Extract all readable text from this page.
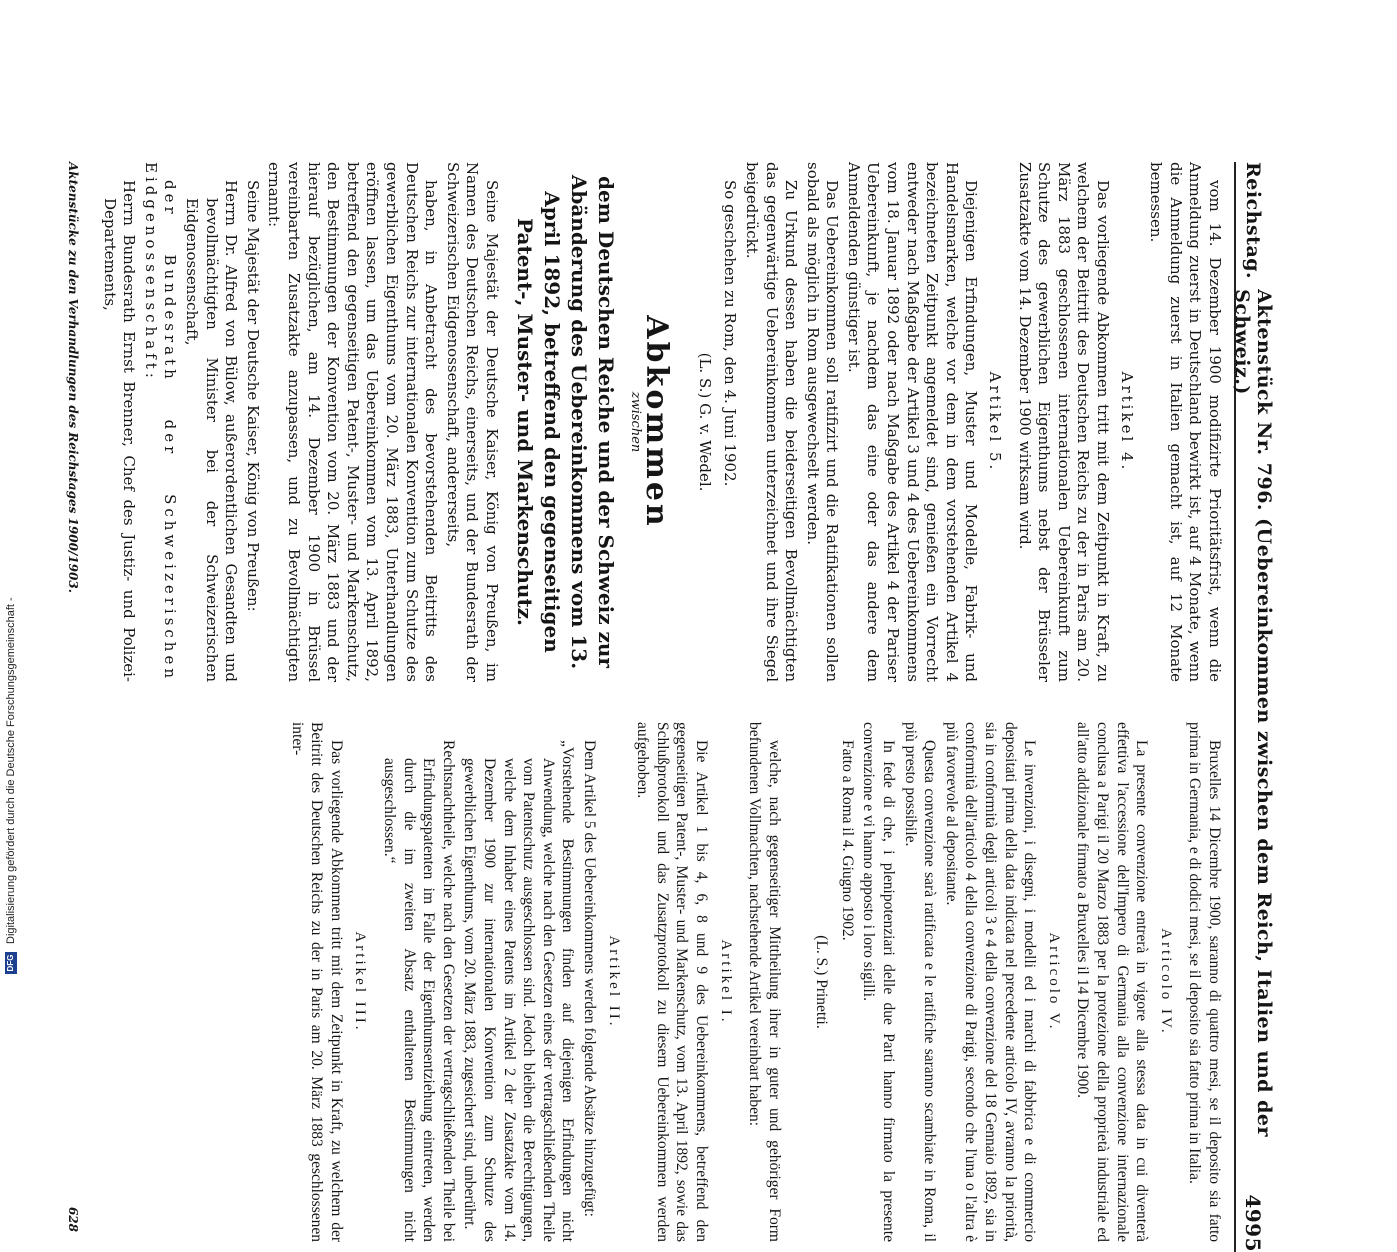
Reichstag.
Aktenstück Nr. 796. (Uebereinkommen zwischen dem Reich, Italien und der Schweiz.)
4995

vom 14. Dezember 1900 modifizirte Prioritätsfrist, wenn die Anmeldung zuerst in Deutschland bewirkt ist, auf 4 Monate, wenn die Anmeldung zuerst in Italien gemacht ist, auf 12 Monate bemessen.

Artikel 4.

Das vorliegende Abkommen tritt mit dem Zeitpunkt in Kraft, zu welchem der Beitritt des Deutschen Reichs zu der in Paris am 20. März 1883 geschlossenen internationalen Uebereinkunft zum Schutze des gewerblichen Eigenthums nebst der Brüsseler Zusatzakte vom 14. Dezember 1900 wirksam wird.

Artikel 5.

Diejenigen Erfindungen, Muster und Modelle, Fabrik- und Handelsmarken, welche vor dem in dem vorstehenden Artikel 4 bezeichneten Zeitpunkt angemeldet sind, genießen ein Vorrecht entweder nach Maßgabe der Artikel 3 und 4 des Uebereinkommens vom 18. Januar 1892 oder nach Maßgabe des Artikel 4 der Pariser Uebereinkunft, je nachdem das eine oder das andere dem Anmeldenden günstiger ist.

Das Uebereinkommen soll ratifizirt und die Ratifikationen sollen sobald als möglich in Rom ausgewechselt werden.

Zu Urkund dessen haben die beiderseitigen Bevollmächtigten das gegenwärtige Uebereinkommen unterzeichnet und ihre Siegel beigedrückt.

So geschehen zu Rom, den 4. Juni 1902.

(L. S.) G. v. Wedel.
Abkommen
zwischen
dem Deutschen Reiche und der Schweiz zur Abänderung des Uebereinkommens vom 13. April 1892, betreffend den gegenseitigen Patent-, Muster- und Markenschutz.

Seine Majestät der Deutsche Kaiser, König von Preußen, im Namen des Deutschen Reichs, einerseits, und der Bundesrath der Schweizerischen Eidgenossenschaft, andererseits,

haben, in Anbetracht des bevorstehenden Beitritts des Deutschen Reichs zur internationalen Konvention zum Schutze des gewerblichen Eigenthums vom 20. März 1883, Unterhandlungen eröffnen lassen, um das Uebereinkommen vom 13. April 1892, betreffend den gegenseitigen Patent-, Muster- und Markenschutz, den Bestimmungen der Konvention vom 20. März 1883 und der hierauf bezüglichen, am 14. Dezember 1900 in Brüssel vereinbarten Zusatzakte anzupassen, und zu Bevollmächtigten ernannt:

Seine Majestät der Deutsche Kaiser, König von Preußen:

Herrn Dr. Alfred von Bülow, außerordentlichen Gesandten und bevollmächtigten Minister bei der Schweizerischen Eidgenossenschaft,

der Bundesrath der Schweizerischen Eidgenossenschaft:

Herrn Bundesrath Ernst Brenner, Chef des Justiz- und Polizei-Departements,

Bruxelles 14 Dicembre 1900, saranno di quattro mesi, se il deposito sia fatto prima in Germania, e di dodici mesi, se il deposito sia fatto prima in Italia.

Articolo IV.

La presente convenzione entrerà in vigore alla stessa data in cui diventerà effettiva l'accessione dell'Impero di Germania alla convenzione internazionale conclusa a Parigi il 20 Marzo 1883 per la protezione della proprietà industriale ed all'atto addizionale firmato a Bruxelles il 14 Dicembre 1900.

Articolo V.

Le invenzioni, i disegni, i modelli ed i marchi di fabbrica e di commercio depositati prima della data indicata nel precedente articolo IV, avranno la priorità, sia in conformità degli articoli 3 e 4 della convenzione del 18 Gennaio 1892, sia in conformità dell'articolo 4 della convenzione di Parigi, secondo che l'una o l'altra è più favorevole al depositante.

Questa convenzione sarà ratificata e le ratifiche saranno scambiate in Roma, il più presto possibile.

In fede di che, i plenipotenziari delle due Parti hanno firmato la presente convenzione e vi hanno apposto i loro sigilli.

Fatto a Roma il 4. Giugno 1902.

(L. S.) Prinetti.

welche, nach gegenseitiger Mittheilung ihrer in guter und gehöriger Form befundenen Vollmachten, nachstehende Artikel vereinbart haben:

Artikel I.

Die Artikel 1 bis 4, 6, 8 und 9 des Uebereinkommens, betreffend den gegenseitigen Patent-, Muster- und Markenschutz, vom 13. April 1892, sowie das Schlußprotokoll und das Zusatzprotokoll zu diesem Uebereinkommen werden aufgehoben.

Artikel II.

Dem Artikel 5 des Uebereinkommens werden folgende Absätze hinzugefügt:

„Vorstehende Bestimmungen finden auf diejenigen Erfindungen nicht Anwendung, welche nach den Gesetzen eines der vertragschließenden Theile vom Patentschutz ausgeschlossen sind. Jedoch bleiben die Berechtigungen, welche dem Inhaber eines Patents im Artikel 2 der Zusatzakte vom 14. Dezember 1900 zur internationalen Konvention zum Schutze des gewerblichen Eigenthums, vom 20. März 1883, zugesichert sind, unberührt.

Rechtsnachtheile, welche nach den Gesetzen der vertragschließenden Theile bei Erfindungspatenten im Falle der Eigenthumsentziehung eintreten, werden durch die im zweiten Absatz enthaltenen Bestimmungen nicht ausgeschlossen.“

Artikel III.

Das vorliegende Abkommen tritt mit dem Zeitpunkt in Kraft, zu welchem der Beitritt des Deutschen Reichs zu der in Paris am 20. März 1883 geschlossenen inter-

Aktenstücke zu den Verhandlungen des Reichstages 1900/1903.
628
DFG
Digitalisierung gefördert durch die Deutsche Forschungsgemeinschaft -
